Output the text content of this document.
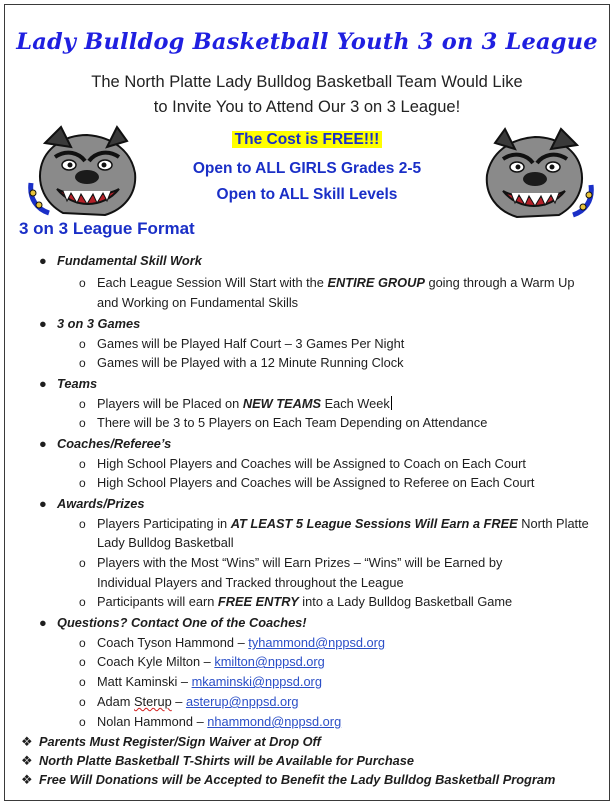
Lady Bulldog Basketball Youth 3 on 3 League
The North Platte Lady Bulldog Basketball Team Would Like
to Invite You to Attend Our 3 on 3 League!
The Cost is FREE!!!
Open to ALL GIRLS Grades 2-5
Open to ALL Skill Levels
3 on 3 League Format
● Fundamental Skill Work
o Each League Session Will Start with the ENTIRE GROUP going through a Warm Up
and Working on Fundamental Skills
● 3 on 3 Games
o Games will be Played Half Court – 3 Games Per Night
o Games will be Played with a 12 Minute Running Clock
● Teams
o Players will be Placed on NEW TEAMS Each Week
o There will be 3 to 5 Players on Each Team Depending on Attendance
● Coaches/Referee’s
o High School Players and Coaches will be Assigned to Coach on Each Court
o High School Players and Coaches will be Assigned to Referee on Each Court
● Awards/Prizes
o Players Participating in AT LEAST 5 League Sessions Will Earn a FREE North Platte
Lady Bulldog Basketball
o Players with the Most “Wins” will Earn Prizes – “Wins” will be Earned by
Individual Players and Tracked throughout the League
o Participants will earn FREE ENTRY into a Lady Bulldog Basketball Game
● Questions? Contact One of the Coaches!
o Coach Tyson Hammond – tyhammond@nppsd.org
o Coach Kyle Milton – kmilton@nppsd.org
o Matt Kaminski – mkaminski@nppsd.org
o Adam Sterup – asterup@nppsd.org
o Nolan Hammond – nhammond@nppsd.org
❖ Parents Must Register/Sign Waiver at Drop Off
❖ North Platte Basketball T-Shirts will be Available for Purchase
❖ Free Will Donations will be Accepted to Benefit the Lady Bulldog Basketball Program
